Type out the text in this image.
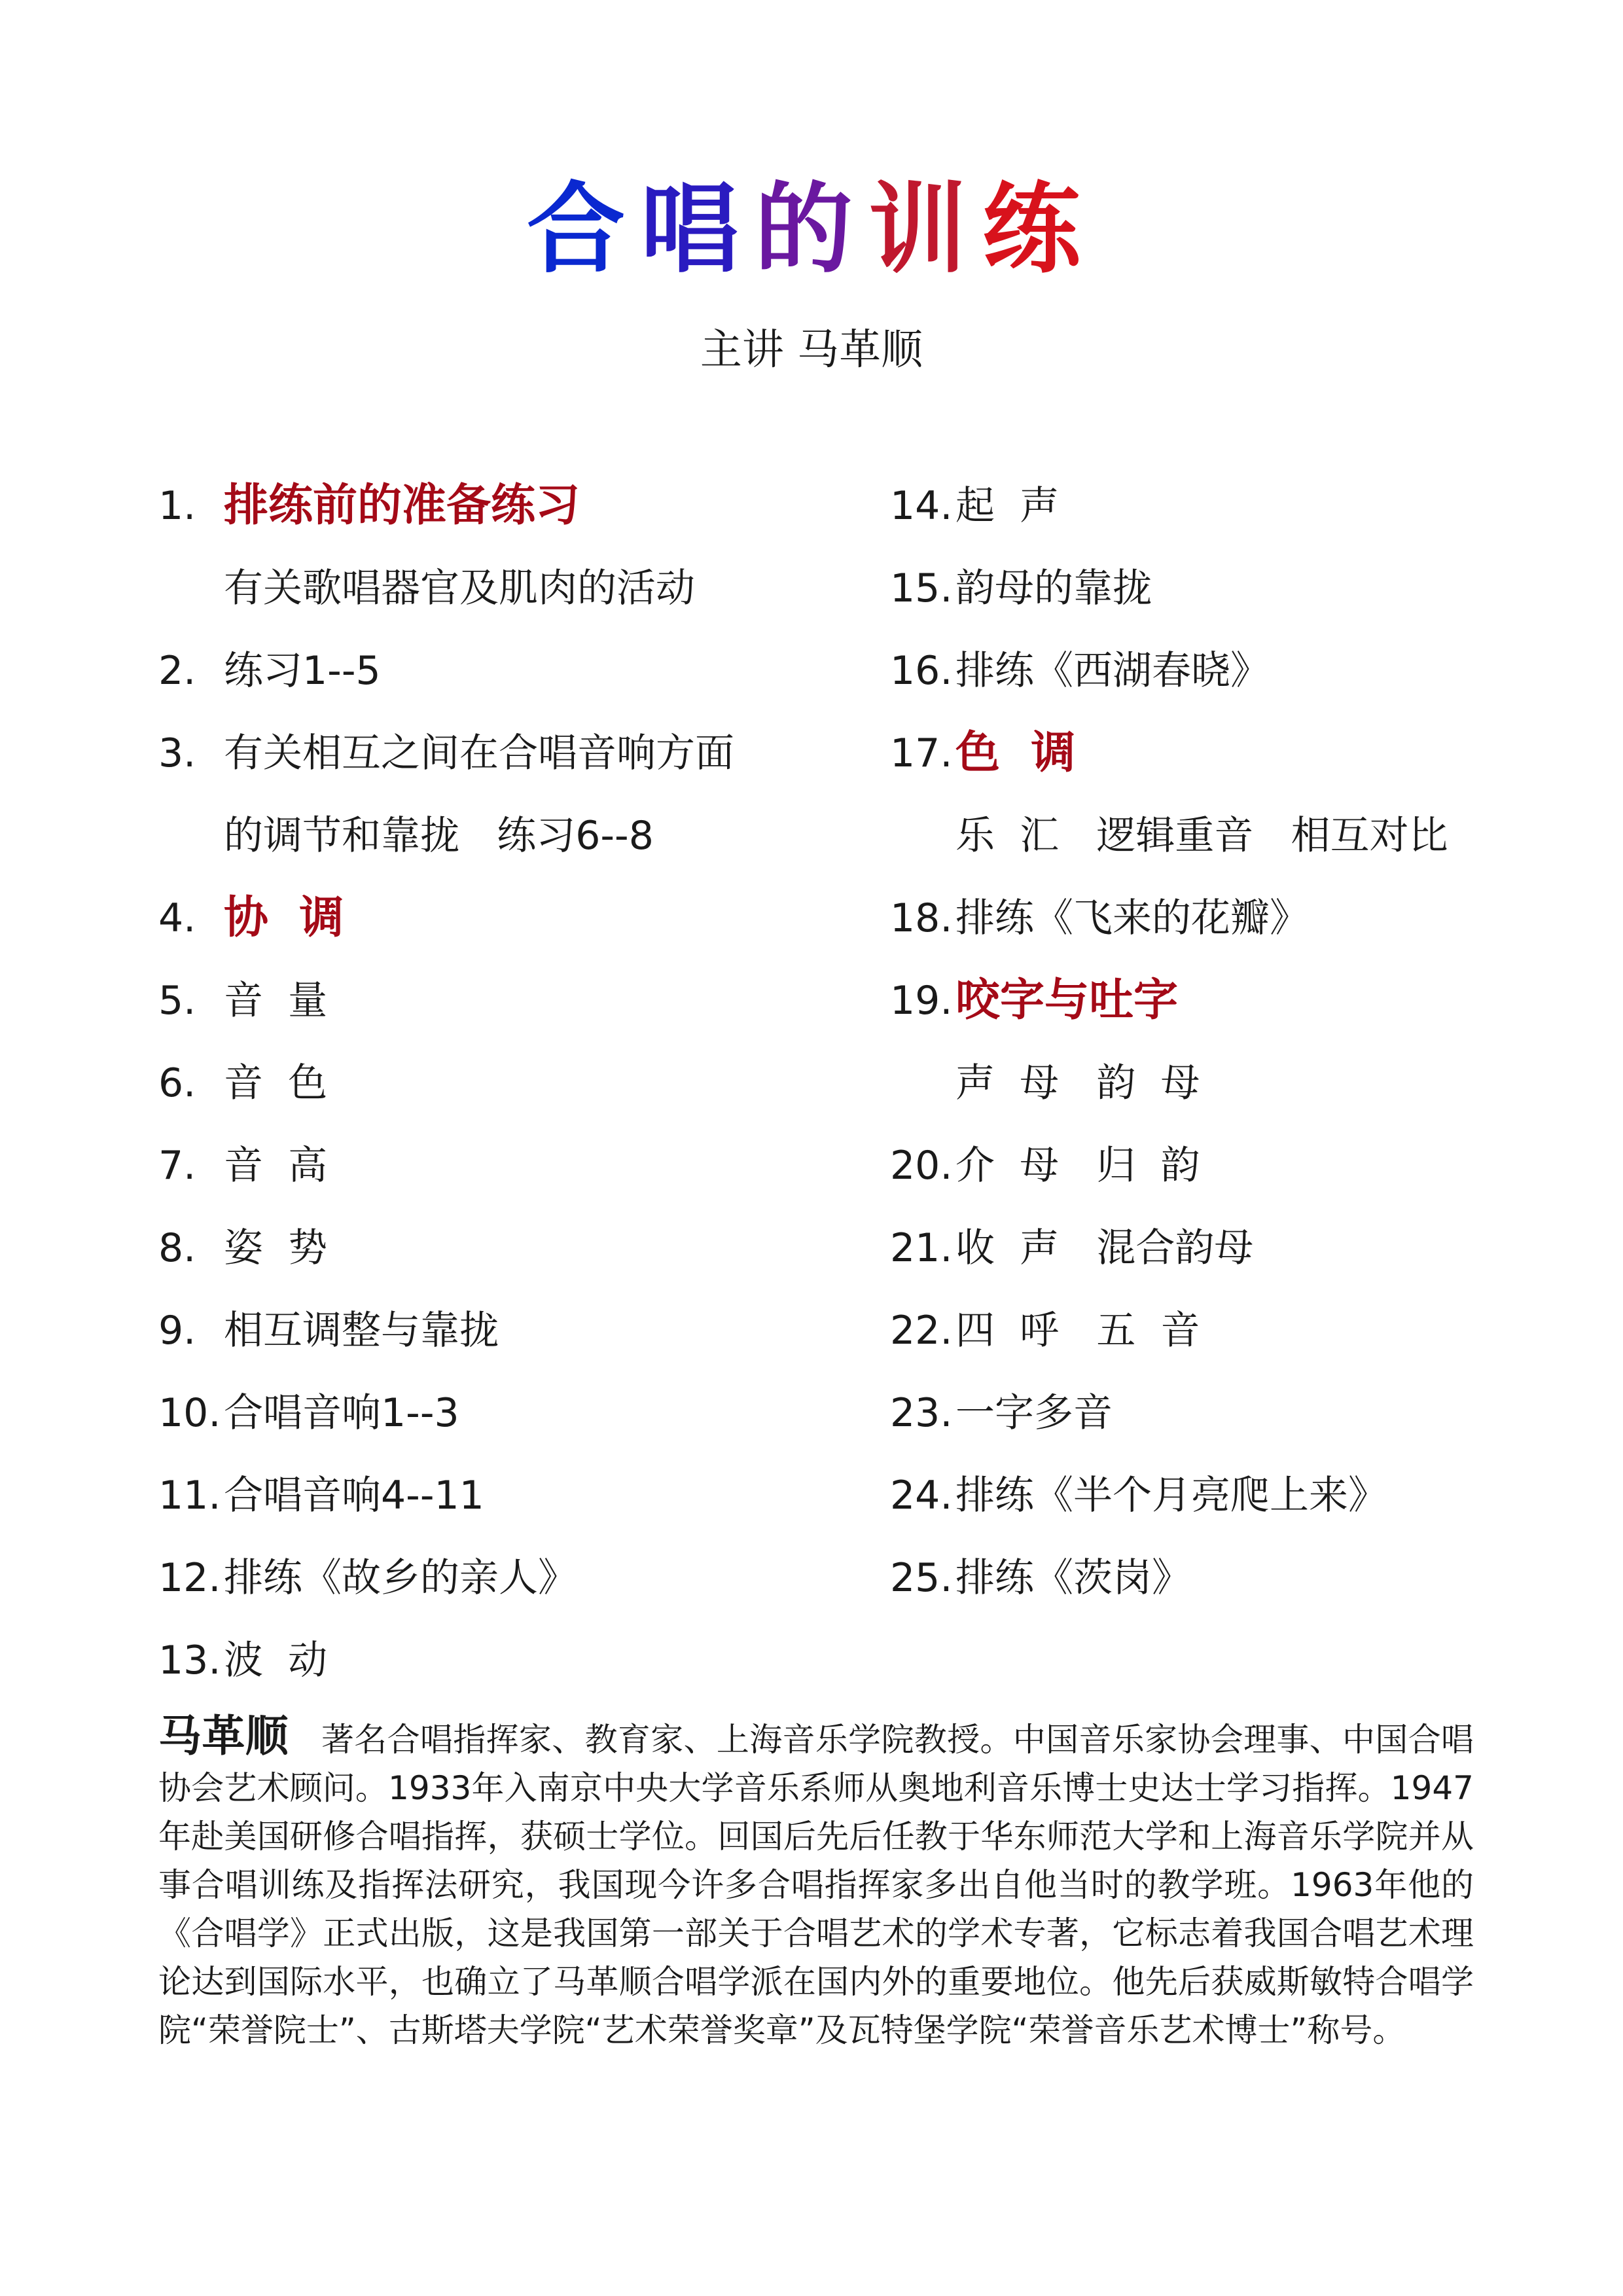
合唱的训练
主讲 马革顺
1. 排练前的准备练习
有关歌唱器官及肌肉的活动
2. 练习1--5
3. 有关相互之间在合唱音响方面
的调节和靠拢   练习6--8
4. 协  调
5. 音  量
6. 音  色
7. 音  高
8. 姿  势
9. 相互调整与靠拢
10. 合唱音响1--3
11. 合唱音响4--11
12. 排练《故乡的亲人》
13. 波  动
14. 起  声
15. 韵母的靠拢
16. 排练《西湖春晓》
17. 色  调
乐  汇   逻辑重音   相互对比
18. 排练《飞来的花瓣》
19. 咬字与吐字
声  母   韵  母
20. 介  母   归  韵
21. 收  声   混合韵母
22. 四  呼   五  音
23. 一字多音
24. 排练《半个月亮爬上来》
25. 排练《茨岗》
马革顺 著名合唱指挥家、教育家、上海音乐学院教授。中国音乐家协会理事、中国合唱协会艺术顾问。1933年入南京中央大学音乐系师从奥地利音乐博士史达士学习指挥。1947年赴美国研修合唱指挥，获硕士学位。回国后先后任教于华东师范大学和上海音乐学院并从事合唱训练及指挥法研究，我国现今许多合唱指挥家多出自他当时的教学班。1963年他的《合唱学》正式出版，这是我国第一部关于合唱艺术的学术专著，它标志着我国合唱艺术理论达到国际水平，也确立了马革顺合唱学派在国内外的重要地位。他先后获威斯敏特合唱学院“荣誉院士”、古斯塔夫学院“艺术荣誉奖章”及瓦特堡学院“荣誉音乐艺术博士”称号。
